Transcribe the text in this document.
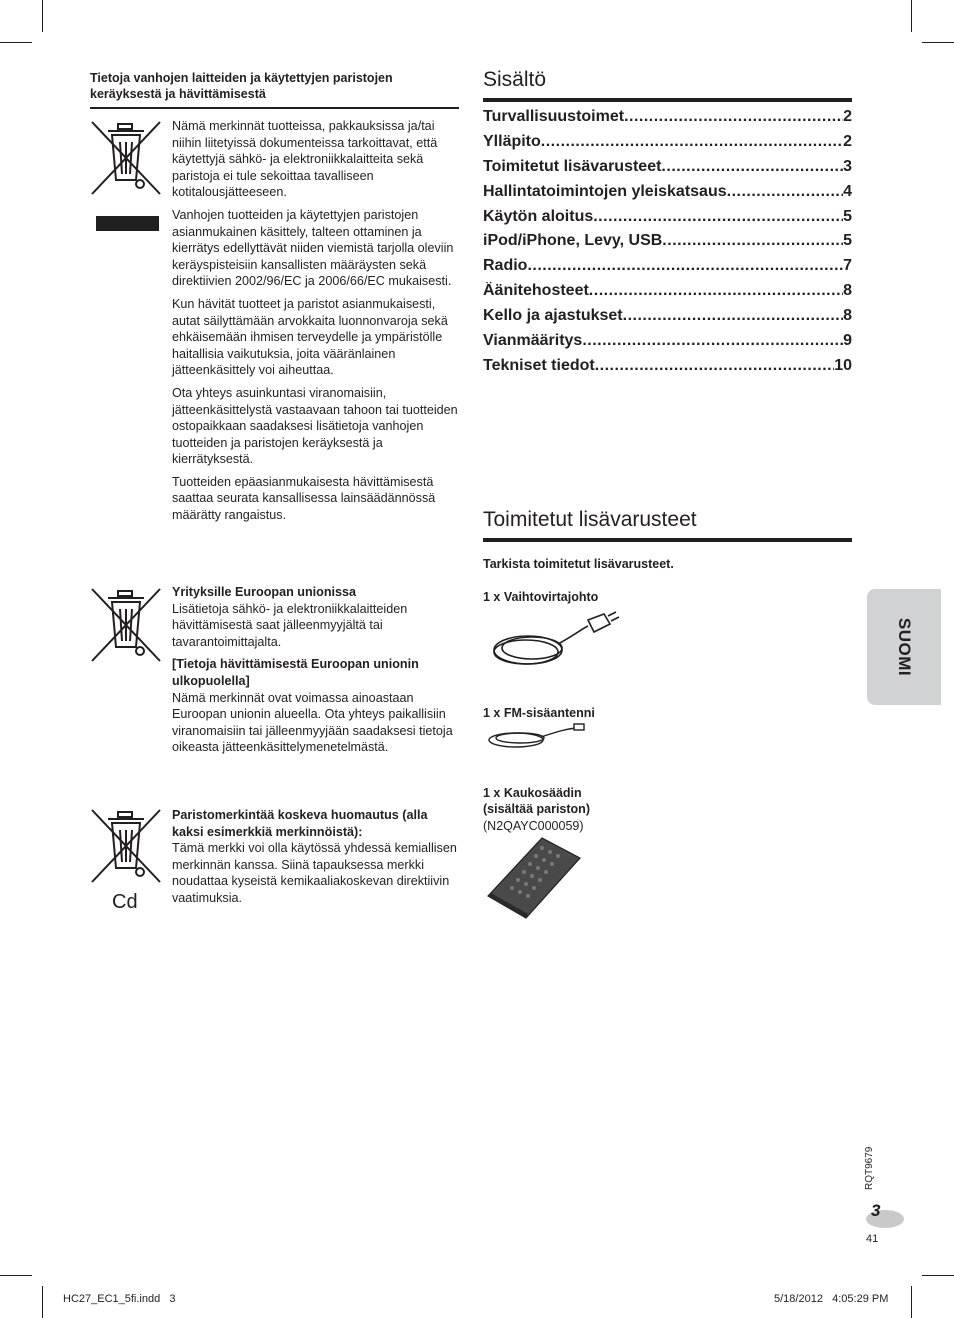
Tietoja vanhojen laitteiden ja käytettyjen paristojen keräyksestä ja hävittämisestä

Nämä merkinnät tuotteissa, pakkauksissa ja/tai niihin liitetyissä dokumenteissa tarkoittavat, että käytettyjä sähkö- ja elektroniikkalaitteita sekä paristoja ei tule sekoittaa tavalliseen kotitalousjätteeseen.

Vanhojen tuotteiden ja käytettyjen paristojen asianmukainen käsittely, talteen ottaminen ja kierrätys edellyttävät niiden viemistä tarjolla oleviin keräyspisteisiin kansallisten määräysten sekä direktiivien 2002/96/EC ja 2006/66/EC mukaisesti.

Kun hävität tuotteet ja paristot asianmukaisesti, autat säilyttämään arvokkaita luonnonvaroja sekä ehkäisemään ihmisen terveydelle ja ympäristölle haitallisia vaikutuksia, joita vääränlainen jätteenkäsittely voi aiheuttaa.

Ota yhteys asuinkuntasi viranomaisiin, jätteenkäsittelystä vastaavaan tahoon tai tuotteiden ostopaikkaan saadaksesi lisätietoja vanhojen tuotteiden ja paristojen keräyksestä ja kierrätyksestä.

Tuotteiden epäasianmukaisesta hävittämisestä saattaa seurata kansallisessa lainsäädännössä määrätty rangaistus.

Yrityksille Euroopan unionissa
Lisätietoja sähkö- ja elektroniikkalaitteiden hävittämisestä saat jälleenmyyjältä tai tavarantoimittajalta.

[Tietoja hävittämisestä Euroopan unionin ulkopuolella]
Nämä merkinnät ovat voimassa ainoastaan Euroopan unionin alueella. Ota yhteys paikallisiin viranomaisiin tai jälleenmyyjään saadaksesi tietoja oikeasta jätteenkäsittelymenetelmästä.

Cd

Paristomerkintää koskeva huomautus (alla kaksi esimerkkiä merkinnöistä):
Tämä merkki voi olla käytössä yhdessä kemiallisen merkinnän kanssa. Siinä tapauksessa merkki noudattaa kyseistä kemikaaliakoskevan direktiivin vaatimuksia.

Sisältö
Turvallisuustoimet .....	2
Ylläpito .....	2
Toimitetut lisävarusteet .....	3
Hallintatoimintojen yleiskatsaus .....	4
Käytön aloitus .....	5
iPod/iPhone, Levy, USB .....	5
Radio .....	7
Äänitehosteet .....	8
Kello ja ajastukset .....	8
Vianmääritys .....	9
Tekniset tiedot .....	10
Toimitetut lisävarusteet
Tarkista toimitetut lisävarusteet.
1 x Vaihtovirtajohto
1 x FM-sisäantenni
1 x Kaukosäädin
(sisältää pariston)
(N2QAYC000059)
SUOMI
RQT9679
3
41
HC27_EC1_5fi.indd   3	5/18/2012   4:05:29 PM
